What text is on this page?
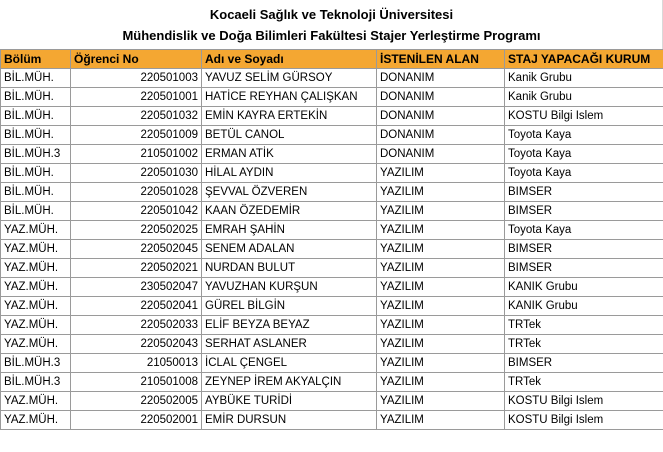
Kocaeli Sağlık ve Teknoloji Üniversitesi
Mühendislik ve Doğa Bilimleri Fakültesi Stajer Yerleştirme Programı
Bölüm	Öğrenci No	Adı ve Soyadı	İSTENİLEN ALAN	STAJ YAPACAĞI KURUM
BİL.MÜH.	220501003	YAVUZ SELİM GÜRSOY	DONANIM	Kanik Grubu
BİL.MÜH.	220501001	HATİCE REYHAN ÇALIŞKAN	DONANIM	Kanik Grubu
BİL.MÜH.	220501032	EMİN KAYRA ERTEKİN	DONANIM	KOSTU Bilgi Islem
BİL.MÜH.	220501009	BETÜL CANOL	DONANIM	Toyota Kaya
BİL.MÜH.3	210501002	ERMAN ATİK	DONANIM	Toyota Kaya
BİL.MÜH.	220501030	HİLAL AYDIN	YAZILIM	Toyota Kaya
BİL.MÜH.	220501028	ŞEVVAL ÖZVEREN	YAZILIM	BIMSER
BİL.MÜH.	220501042	KAAN ÖZEDEMİR	YAZILIM	BIMSER
YAZ.MÜH.	220502025	EMRAH ŞAHİN	YAZILIM	Toyota Kaya
YAZ.MÜH.	220502045	SENEM ADALAN	YAZILIM	BIMSER
YAZ.MÜH.	220502021	NURDAN BULUT	YAZILIM	BIMSER
YAZ.MÜH.	230502047	YAVUZHAN KURŞUN	YAZILIM	KANIK Grubu
YAZ.MÜH.	220502041	GÜREL BİLGİN	YAZILIM	KANIK Grubu
YAZ.MÜH.	220502033	ELİF BEYZA BEYAZ	YAZILIM	TRTek
YAZ.MÜH.	220502043	SERHAT ASLANER	YAZILIM	TRTek
BİL.MÜH.3	21050013	İCLAL ÇENGEL	YAZILIM	BIMSER
BİL.MÜH.3	210501008	ZEYNEP İREM AKYALÇIN	YAZILIM	TRTek
YAZ.MÜH.	220502005	AYBÜKE TURİDİ	YAZILIM	KOSTU Bilgi Islem
YAZ.MÜH.	220502001	EMİR DURSUN	YAZILIM	KOSTU Bilgi Islem
